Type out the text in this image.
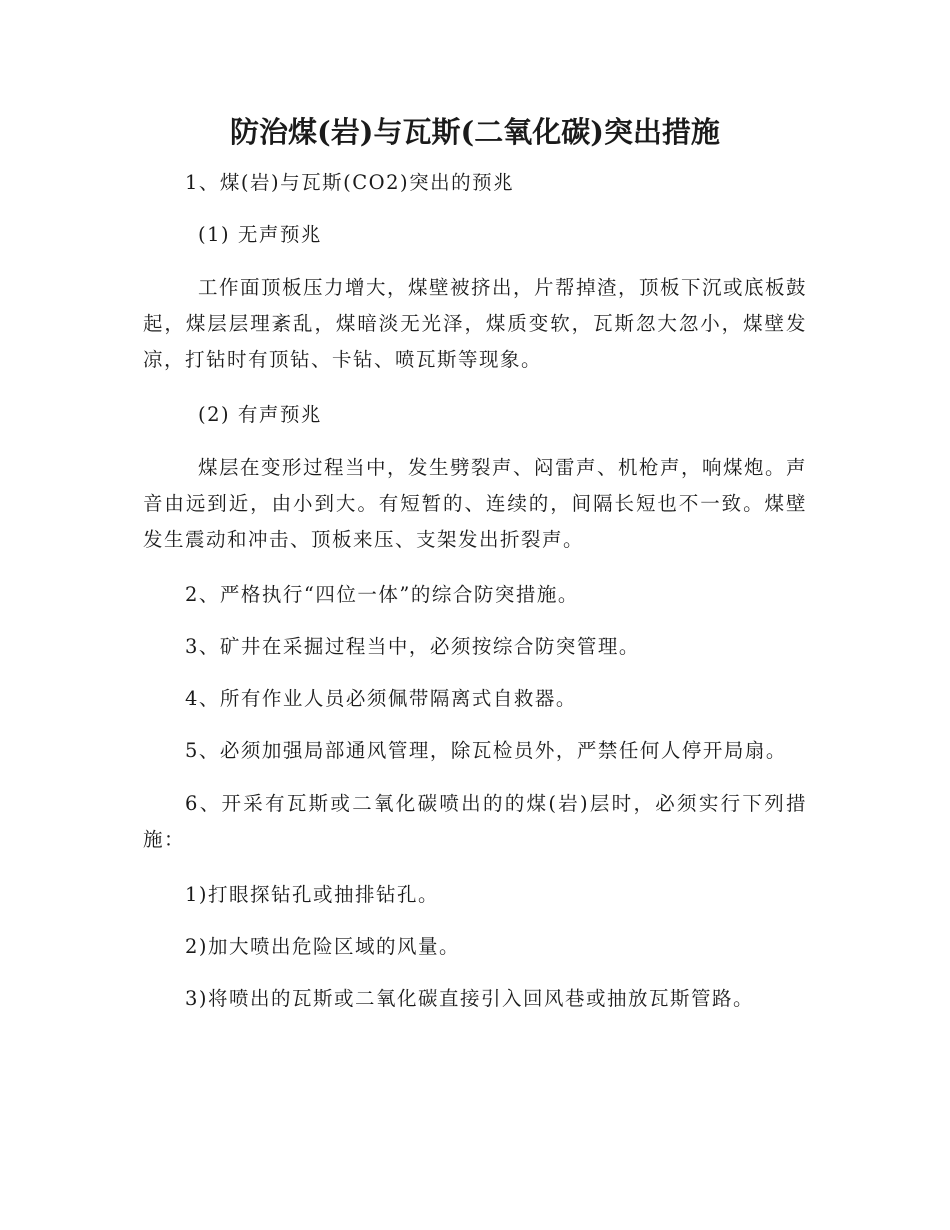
防治煤(岩)与瓦斯(二氧化碳)突出措施

1、煤(岩)与瓦斯(CO2)突出的预兆

(1) 无声预兆

工作面顶板压力增大，煤壁被挤出，片帮掉渣，顶板下沉或底板鼓起，煤层层理紊乱，煤暗淡无光泽，煤质变软，瓦斯忽大忽小，煤壁发凉，打钻时有顶钻、卡钻、喷瓦斯等现象。

(2) 有声预兆

煤层在变形过程当中，发生劈裂声、闷雷声、机枪声，响煤炮。声音由远到近，由小到大。有短暂的、连续的，间隔长短也不一致。煤壁发生震动和冲击、顶板来压、支架发出折裂声。

2、严格执行“四位一体”的综合防突措施。

3、矿井在采掘过程当中，必须按综合防突管理。

4、所有作业人员必须佩带隔离式自救器。

5、必须加强局部通风管理，除瓦检员外，严禁任何人停开局扇。

6、开采有瓦斯或二氧化碳喷出的的煤(岩)层时，必须实行下列措施：

1)打眼探钻孔或抽排钻孔。

2)加大喷出危险区域的风量。

3)将喷出的瓦斯或二氧化碳直接引入回风巷或抽放瓦斯管路。
